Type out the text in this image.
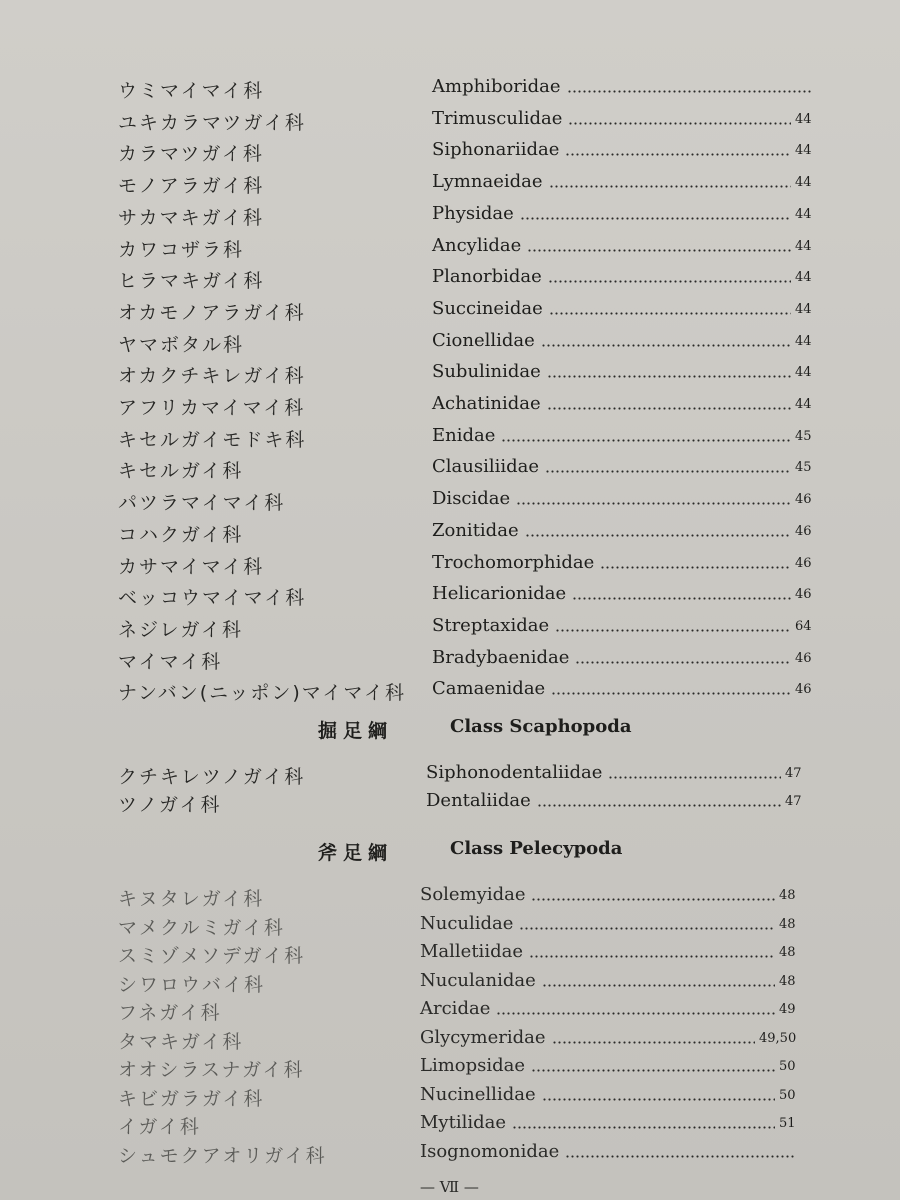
ウミマイマイ科	Amphiboridae
ユキカラマツガイ科	Trimusculidae	44
カラマツガイ科	Siphonariidae	44
モノアラガイ科	Lymnaeidae	44
サカマキガイ科	Physidae	44
カワコザラ科	Ancylidae	44
ヒラマキガイ科	Planorbidae	44
オカモノアラガイ科	Succineidae	44
ヤマボタル科	Cionellidae	44
オカクチキレガイ科	Subulinidae	44
アフリカマイマイ科	Achatinidae	44
キセルガイモドキ科	Enidae	45
キセルガイ科	Clausiliidae	45
パツラマイマイ科	Discidae	46
コハクガイ科	Zonitidae	46
カサマイマイ科	Trochomorphidae	46
ベッコウマイマイ科	Helicarionidae	46
ネジレガイ科	Streptaxidae	64
マイマイ科	Bradybaenidae	46
ナンバン(ニッポン)マイマイ科 Camaenidae	46
掘足綱	Class Scaphopoda
クチキレツノガイ科	Siphonodentaliidae	47
ツノガイ科	Dentaliidae	47
斧足綱	Class Pelecypoda
キヌタレガイ科	Solemyidae	48
マメクルミガイ科	Nuculidae	48
スミゾメソデガイ科	Malletiidae	48
シワロウバイ科	Nuculanidae	48
フネガイ科	Arcidae	49
タマキガイ科	Glycymeridae	49,50
オオシラスナガイ科	Limopsidae	50
キビガラガイ科	Nucinellidae	50
イガイ科	Mytilidae	51
シュモクアオリガイ科	Isognomonidae
— Ⅶ —
